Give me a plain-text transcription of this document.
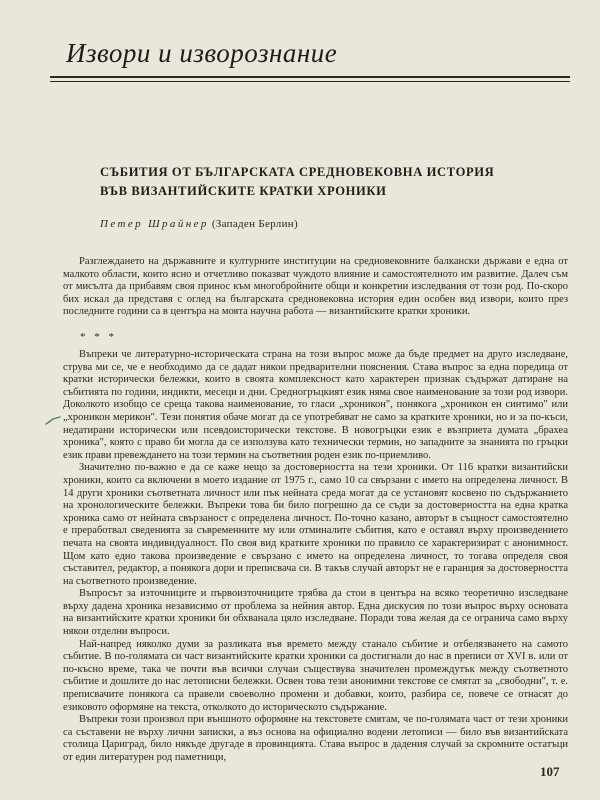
Извори и изворознание
СЪБИТИЯ ОТ БЪЛГАРСКАТА СРЕДНОВЕКОВНА ИСТОРИЯ
ВЪВ ВИЗАНТИЙСКИТЕ КРАТКИ ХРОНИКИ
Петер Шрайнер (Западен Берлин)

Разглеждането на държавните и културните институции на средновековните балкански държави е една от малкото области, които ясно и отчетливо показват чуждото влияние и самостоятелното им развитие. Далеч съм от мисълта да прибавям своя принос към многобройните общи и конкретни изследвания от този род. По-скоро бих искал да представя с оглед на българската средновековна история един особен вид извори, които през последните години са в центъра на моята научна работа — византийските кратки хроники.

* * *

Въпреки че литературно-историческата страна на този въпрос може да бъде предмет на друго изследване, струва ми се, че е необходимо да се дадат някои предварителни пояснения. Става въпрос за една поредица от кратки исторически бележки, които в своята комплексност като характерен признак съдържат датиране на събитията по години, индикти, месеци и дни. Среднoгръцкият език няма свое наименование за този род извори. Доколкото изобщо се среща такова наименование, то гласи „хроникон", понякога „хроникон ен синтимо" или „хроникон мерикон". Тези понятия обаче могат да се употребяват не само за кратките хроники, но и за по-къси, недатирани исторически или псевдоисторически текстове. В новогръцки език е възприета думата „брахеа хроника", която с право би могла да се използува като технически термин, но западните за знанията по гръцки език прави превеждането на този термин на съответния роден език по-приемливо.

Значително по-важно е да се каже нещо за достоверността на тези хроники. От 116 кратки византийски хроники, които са включени в моето издание от 1975 г., само 10 са свързани с името на определена личност. В 14 други хроники съответната личност или пък нейната среда могат да се установят косвено по съдържанието на хронологическите бележки. Въпреки това би било погрешно да се съди за достоверността на една кратка хроника само от нейната свързаност с определена личност. По-точно казано, авторът в същност самостоятелно е преработвал сведенията за съвременните му или отминалите събития, като е оставял върху произведението печата на своята индивидуалност. По своя вид кратките хроники по правило се характеризират с анонимност. Щом като едно такова произведение е свързано с името на определена личност, то тогава определя своя съставител, редактор, а понякога дори и преписвача си. В такъв случай авторът не е гаранция за достоверността на съответното произведение.

Въпросът за източниците и първоизточниците трябва да стои в центъра на всяко теоретично изследване върху дадена хроника независимо от проблема за нейния автор. Една дискусия по този въпрос върху основата на византийските кратки хроники би обхванала цяло изследване. Поради това желая да се огранича само върху някои отделни въпроси.

Най-напред няколко думи за разликата във времето между станало събитие и отбелязването на самото събитие. В по-голямата си част византийските кратки хроники са достигнали до нас в преписи от XVI в. или от по-късно време, така че почти във всички случаи съществува значителен промеждутък между съответното събитие и дошлите до нас летописни бележки. Освен това тези анонимни текстове се смятат за „свободни", т. е. преписвачите понякога са правели своеволно промени и добавки, които, разбира се, повече се отнасят до езиковото оформяне на текста, отколкото до историческото съдържание.

Въпреки този произвол при външното оформяне на текстовете смятам, че по-голямата част от тези хроники са съставени не върху лични записки, а въз основа на официално водени летописи — било във византийската столица Цариград, било някъде другаде в провинцията. Става въпрос в дадения случай за скромните остатъци от един литературен род паметници,

107
